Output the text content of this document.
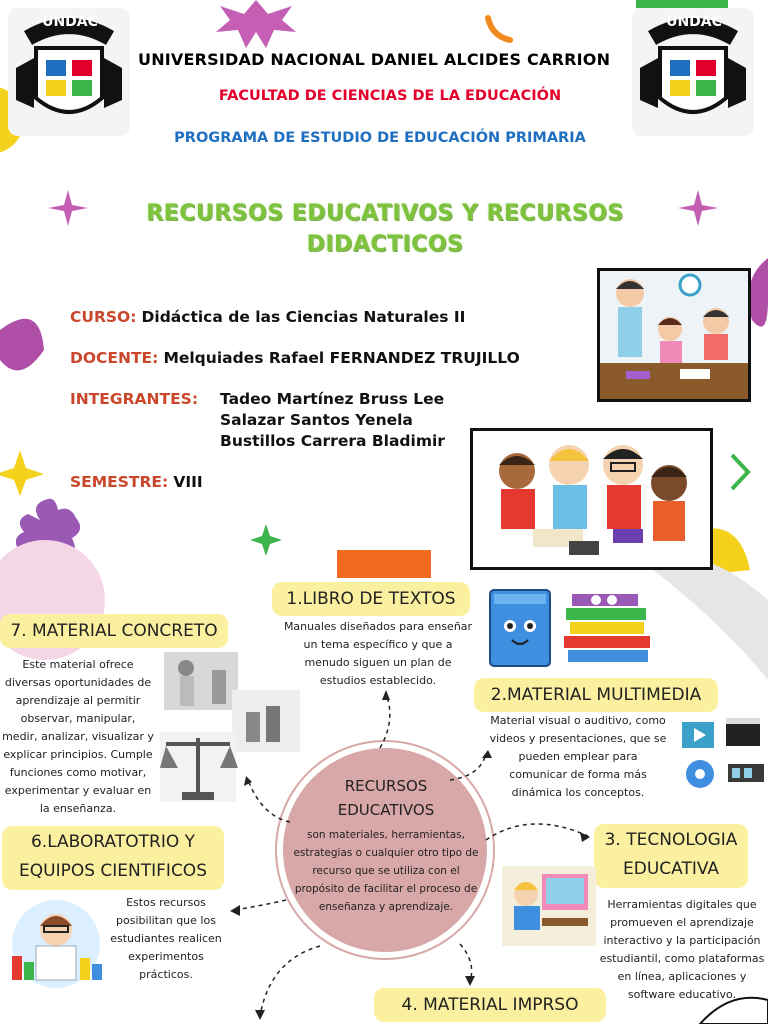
UNDAC	UNDAC
UNIVERSIDAD NACIONAL DANIEL ALCIDES CARRION
FACULTAD DE CIENCIAS DE LA EDUCACIÓN
PROGRAMA DE ESTUDIO DE EDUCACIÓN PRIMARIA
RECURSOS EDUCATIVOS Y RECURSOS DIDACTICOS
CURSO: Didáctica de las Ciencias Naturales II
DOCENTE: Melquiades Rafael FERNANDEZ TRUJILLO
INTEGRANTES: Tadeo Martínez Bruss Lee
Salazar Santos Yenela
Bustillos Carrera Bladimir
SEMESTRE: VIII
RECURSOS
EDUCATIVOS
son materiales, herramientas, estrategias o cualquier otro tipo de recurso que se utiliza con el propósito de facilitar el proceso de enseñanza y aprendizaje.
1.LIBRO DE TEXTOS
Manuales diseñados para enseñar un tema específico y que a menudo siguen un plan de estudios establecido.
2.MATERIAL MULTIMEDIA
Material visual o auditivo, como videos y presentaciones, que se pueden emplear para comunicar de forma más dinámica los conceptos.
3. TECNOLOGIA
EDUCATIVA
Herramientas digitales que promueven el aprendizaje interactivo y la participación estudiantil, como plataformas en línea, aplicaciones y software educativo.
4. MATERIAL IMPRSO
6.LABORATOTRIO Y
EQUIPOS CIENTIFICOS
Estos recursos posibilitan que los estudiantes realicen experimentos prácticos.
7. MATERIAL CONCRETO
Este material ofrece diversas oportunidades de aprendizaje al permitir observar, manipular, medir, analizar, visualizar y explicar principios. Cumple funciones como motivar, experimentar y evaluar en la enseñanza.
